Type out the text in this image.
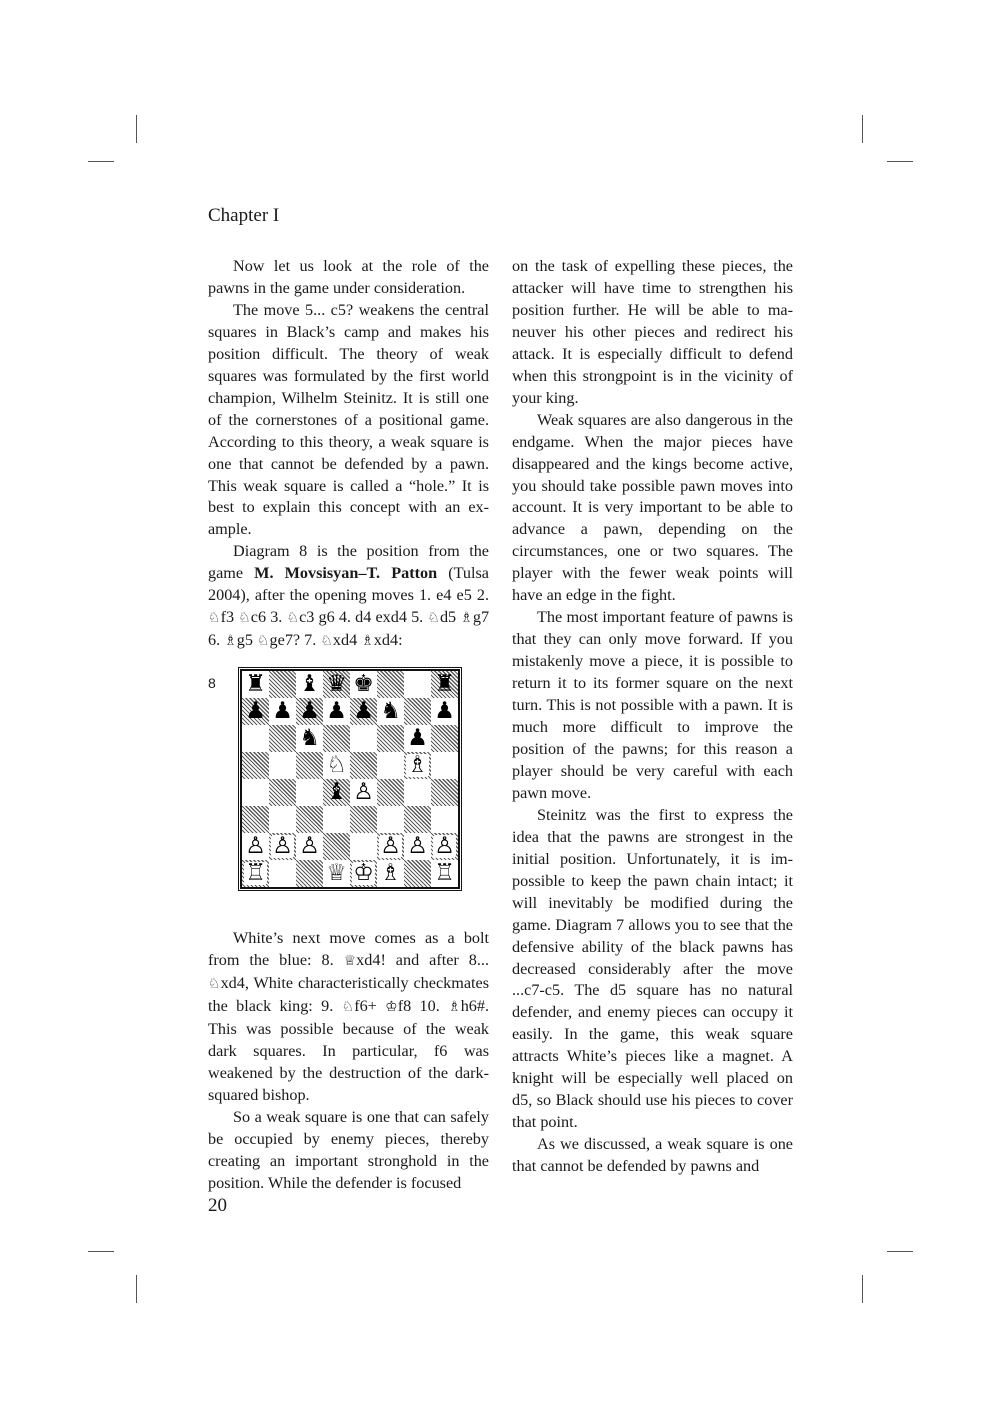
Chapter I

Now let us look at the role of the pawns in the game under consideration.

The move 5... c5? weakens the central squares in Black’s camp and makes his position difficult. The theory of weak squares was formulated by the first world champion, Wilhelm Steinitz. It is still one of the cornerstones of a positional game. According to this theory, a weak square is one that cannot be defended by a pawn. This weak square is called a “hole.” It is best to explain this concept with an example.

Diagram 8 is the position from the game M. Movsisyan–T. Patton (Tulsa 2004), after the opening moves 1. e4 e5 2. ♘f3 ♘c6 3. ♘c3 g6 4. d4 exd4 5. ♘d5 ♗g7 6. ♗g5 ♘ge7? 7. ♘xd4 ♗xd4:

8 ♜ ♝ ♛ ♚	♜
♟ ♟ ♟ ♟ ♟ ♞ ♟
♞	♟
♘	♗
♝ ♙
♙ ♙ ♙	♙ ♙ ♙
♖	♕ ♔ ♗ ♖

White’s next move comes as a bolt from the blue: 8. ♕xd4! and after 8... ♘xd4, White characteristically checkmates the black king: 9. ♘f6+ ♔f8 10. ♗h6#. This was possible because of the weak dark squares. In particular, f6 was weakened by the destruction of the dark-squared bishop.

So a weak square is one that can safely be occupied by enemy pieces, thereby creating an important stronghold in the position. While the defender is focused

on the task of expelling these pieces, the attacker will have time to strengthen his position further. He will be able to maneuver his other pieces and redirect his attack. It is especially difficult to defend when this strongpoint is in the vicinity of your king.

Weak squares are also dangerous in the endgame. When the major pieces have disappeared and the kings become active, you should take possible pawn moves into account. It is very important to be able to advance a pawn, depending on the circumstances, one or two squares. The player with the fewer weak points will have an edge in the fight.

The most important feature of pawns is that they can only move forward. If you mistakenly move a piece, it is possible to return it to its former square on the next turn. This is not possible with a pawn. It is much more difficult to improve the position of the pawns; for this reason a player should be very careful with each pawn move.

Steinitz was the first to express the idea that the pawns are strongest in the initial position. Unfortunately, it is impossible to keep the pawn chain intact; it will inevitably be modified during the game. Diagram 7 allows you to see that the defensive ability of the black pawns has decreased considerably after the move ...c7-c5. The d5 square has no natural defender, and enemy pieces can occupy it easily. In the game, this weak square attracts White’s pieces like a magnet. A knight will be especially well placed on d5, so Black should use his pieces to cover that point.

As we discussed, a weak square is one that cannot be defended by pawns and

20
